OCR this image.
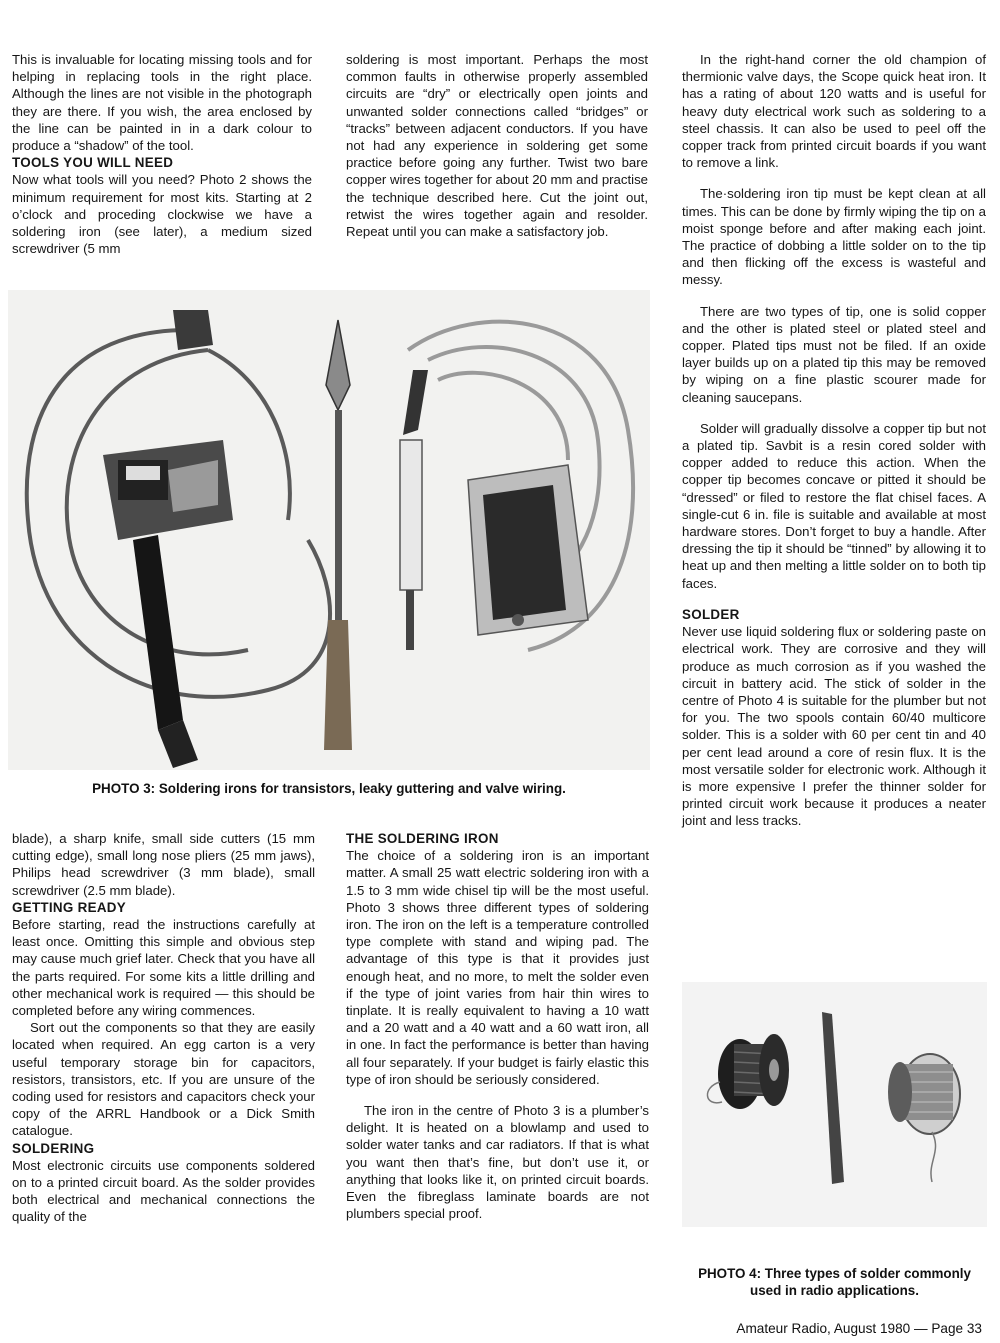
This is invaluable for locating missing tools and for helping in replacing tools in the right place. Although the lines are not visible in the photograph they are there. If you wish, the area enclosed by the line can be painted in in a dark colour to produce a “shadow” of the tool.

TOOLS YOU WILL NEED

Now what tools will you need? Photo 2 shows the minimum requirement for most kits. Starting at 2 o’clock and proceding clockwise we have a soldering iron (see later), a medium sized screwdriver (5 mm

soldering is most important. Perhaps the most common faults in otherwise properly assembled circuits are “dry” or electrically open joints and unwanted solder connections called “bridges” or “tracks” between adjacent conductors. If you have not had any experience in soldering get some practice before going any further. Twist two bare copper wires together for about 20 mm and practise the technique described here. Cut the joint out, retwist the wires together again and resolder. Repeat until you can make a satisfactory job.

In the right-hand corner the old champion of thermionic valve days, the Scope quick heat iron. It has a rating of about 120 watts and is useful for heavy duty electrical work such as soldering to a steel chassis. It can also be used to peel off the copper track from printed circuit boards if you want to remove a link.

The·soldering iron tip must be kept clean at all times. This can be done by firmly wiping the tip on a moist sponge before and after making each joint. The practice of dobbing a little solder on to the tip and then flicking off the excess is wasteful and messy.

There are two types of tip, one is solid copper and the other is plated steel or plated steel and copper. Plated tips must not be filed. If an oxide layer builds up on a plated tip this may be removed by wiping on a fine plastic scourer made for cleaning saucepans.

Solder will gradually dissolve a copper tip but not a plated tip. Savbit is a resin cored solder with copper added to reduce this action. When the copper tip becomes concave or pitted it should be “dressed” or filed to restore the flat chisel faces. A single-cut 6 in. file is suitable and available at most hardware stores. Don’t forget to buy a handle. After dressing the tip it should be “tinned” by allowing it to heat up and then melting a little solder on to both tip faces.

SOLDER

Never use liquid soldering flux or soldering paste on electrical work. They are corrosive and they will produce as much corrosion as if you washed the circuit in battery acid. The stick of solder in the centre of Photo 4 is suitable for the plumber but not for you. The two spools contain 60/40 multicore solder. This is a solder with 60 per cent tin and 40 per cent lead around a core of resin flux. It is the most versatile solder for electronic work. Although it is more expensive I prefer the thinner solder for printed circuit work because it produces a neater joint and less tracks.

PHOTO 3: Soldering irons for transistors, leaky guttering and valve wiring.

blade), a sharp knife, small side cutters (15 mm cutting edge), small long nose pliers (25 mm jaws), Philips head screwdriver (3 mm blade), small screwdriver (2.5 mm blade).

GETTING READY

Before starting, read the instructions carefully at least once. Omitting this simple and obvious step may cause much grief later. Check that you have all the parts required. For some kits a little drilling and other mechanical work is required — this should be completed before any wiring commences.

Sort out the components so that they are easily located when required. An egg carton is a very useful temporary storage bin for capacitors, resistors, transistors, etc. If you are unsure of the coding used for resistors and capacitors check your copy of the ARRL Handbook or a Dick Smith catalogue.

SOLDERING

Most electronic circuits use components soldered on to a printed circuit board. As the solder provides both electrical and mechanical connections the quality of the

THE SOLDERING IRON

The choice of a soldering iron is an important matter. A small 25 watt electric soldering iron with a 1.5 to 3 mm wide chisel tip will be the most useful. Photo 3 shows three different types of soldering iron. The iron on the left is a temperature controlled type complete with stand and wiping pad. The advantage of this type is that it provides just enough heat, and no more, to melt the solder even if the type of joint varies from hair thin wires to tinplate. It is really equivalent to having a 10 watt and a 20 watt and a 40 watt and a 60 watt iron, all in one. In fact the performance is better than having all four separately. If your budget is fairly elastic this type of iron should be seriously considered.

The iron in the centre of Photo 3 is a plumber’s delight. It is heated on a blowlamp and used to solder water tanks and car radiators. If that is what you want then that’s fine, but don’t use it, or anything that looks like it, on printed circuit boards. Even the fibreglass laminate boards are not plumbers special proof.

PHOTO 4: Three types of solder commonly used in radio applications.
Amateur Radio, August 1980 — Page 33
